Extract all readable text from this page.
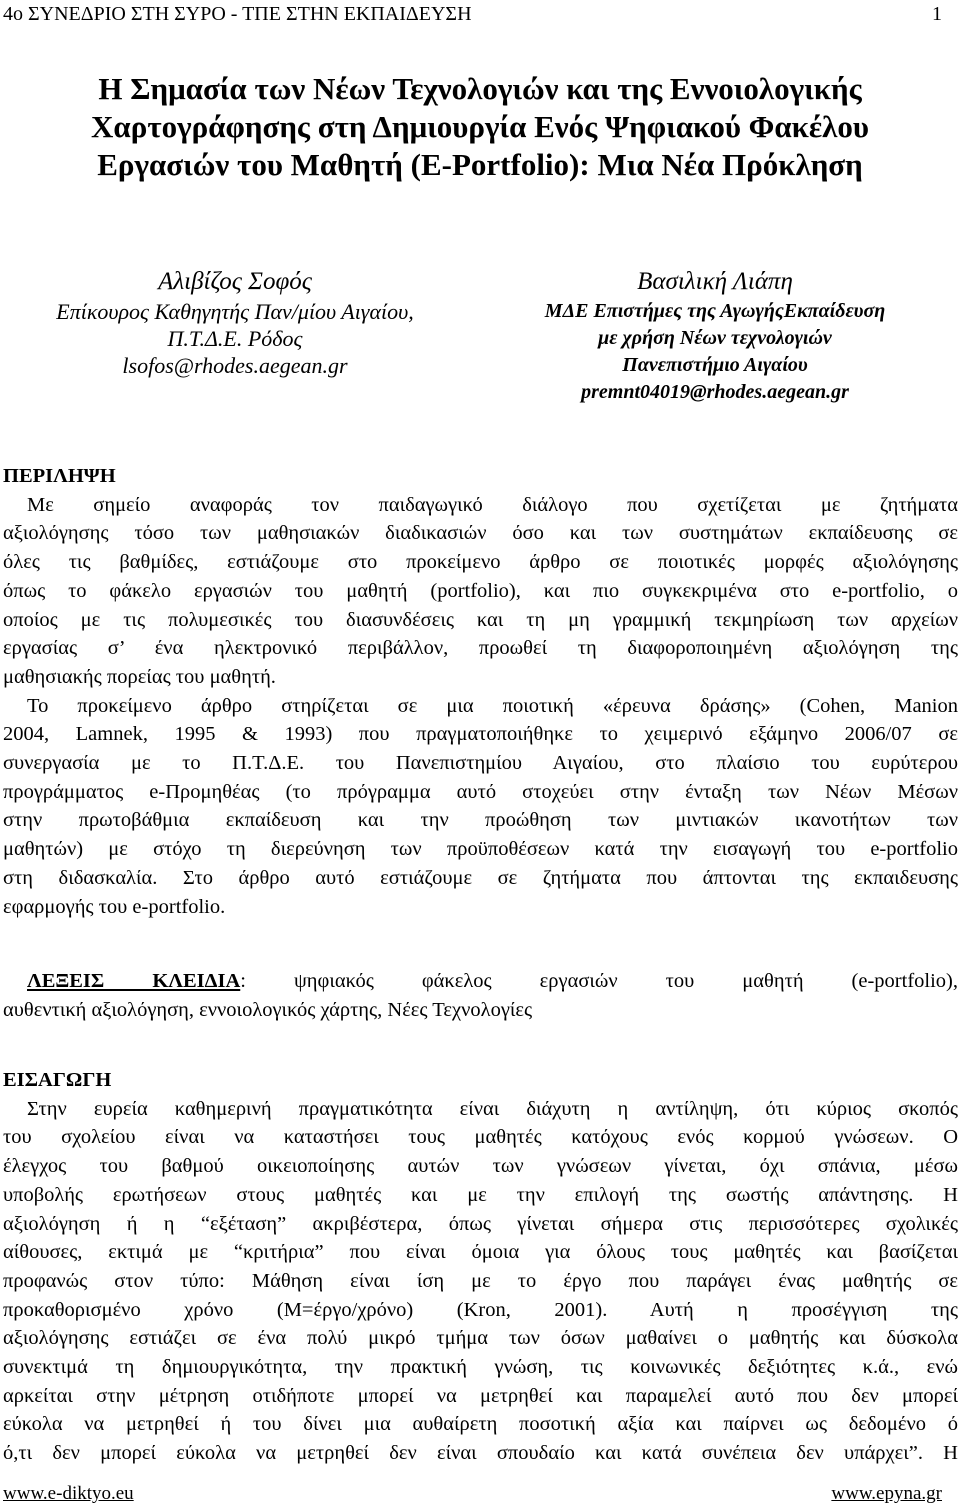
4ο ΣΥΝΕΔΡΙΟ ΣΤΗ ΣΥΡΟ - ΤΠΕ ΣΤΗΝ ΕΚΠΑΙΔΕΥΣΗ	1
Η Σημασία των Νέων Τεχνολογιών και της Εννοιολογικής
Χαρτογράφησης στη Δημιουργία Ενός Ψηφιακού Φακέλου
Εργασιών του Μαθητή (E-Portfolio): Μια Νέα Πρόκληση
Αλιβίζος Σοφός
Επίκουρος Καθηγητής Παν/μίου Αιγαίου,
Π.Τ.Δ.Ε. Ρόδος
lsofos@rhodes.aegean.gr
Βασιλική Λιάπη
ΜΔΕ Επιστήμες της ΑγωγήςΕκπαίδευση
με χρήση Νέων τεχνολογιών
Πανεπιστήμιο Αιγαίου
premnt04019@rhodes.aegean.gr

ΠΕΡΙΛΗΨΗ

Με σημείο αναφοράς τον παιδαγωγικό διάλογο που σχετίζεται με ζητήματα

αξιολόγησης τόσο των μαθησιακών διαδικασιών όσο και των συστημάτων εκπαίδευσης σε

όλες τις βαθμίδες, εστιάζουμε στο προκείμενο άρθρο σε ποιοτικές μορφές αξιολόγησης

όπως το φάκελο εργασιών του μαθητή (portfolio), και πιο συγκεκριμένα στο e-portfolio, ο

οποίος με τις πολυμεσικές του διασυνδέσεις και τη μη γραμμική τεκμηρίωση των αρχείων

εργασίας σ’ ένα ηλεκτρονικό περιβάλλον, προωθεί τη διαφοροποιημένη αξιολόγηση της

μαθησιακής πορείας του μαθητή.

Το προκείμενο άρθρο στηρίζεται σε μια ποιοτική «έρευνα δράσης» (Cohen, Manion

2004, Lamnek, 1995 & 1993) που πραγματοποιήθηκε το χειμερινό εξάμηνο 2006/07 σε

συνεργασία με το Π.Τ.Δ.Ε. του Πανεπιστημίου Αιγαίου, στο πλαίσιο του ευρύτερου

προγράμματος e-Προμηθέας (το πρόγραμμα αυτό στοχεύει στην ένταξη των Νέων Μέσων

στην πρωτοβάθμια εκπαίδευση και την προώθηση των μιντιακών ικανοτήτων των

μαθητών) με στόχο τη διερεύνηση των προϋποθέσεων κατά την εισαγωγή του e-portfolio

στη διδασκαλία. Στο άρθρο αυτό εστιάζουμε σε ζητήματα που άπτονται της εκπαιδευσης

εφαρμογής του e-portfolio.

ΛΕΞΕΙΣ ΚΛΕΙΔΙΑ: ψηφιακός φάκελος εργασιών του μαθητή (e-portfolio),

αυθεντική αξιολόγηση, εννοιολογικός χάρτης, Νέες Τεχνολογίες

ΕΙΣΑΓΩΓΗ

Στην ευρεία καθημερινή πραγματικότητα είναι διάχυτη η αντίληψη, ότι κύριος σκοπός

του σχολείου είναι να καταστήσει τους μαθητές κατόχους ενός κορμού γνώσεων. Ο

έλεγχος του βαθμού οικειοποίησης αυτών των γνώσεων γίνεται, όχι σπάνια, μέσω

υποβολής ερωτήσεων στους μαθητές και με την επιλογή της σωστής απάντησης. Η

αξιολόγηση ή η “εξέταση” ακριβέστερα, όπως γίνεται σήμερα στις περισσότερες σχολικές

αίθουσες, εκτιμά με “κριτήρια” που είναι όμοια για όλους τους μαθητές και βασίζεται

προφανώς στον τύπο: Μάθηση είναι ίση με το έργο που παράγει ένας μαθητής σε

προκαθορισμένο χρόνο (Μ=έργο/χρόνο) (Kron, 2001). Αυτή η προσέγγιση της

αξιολόγησης εστιάζει σε ένα πολύ μικρό τμήμα των όσων μαθαίνει ο μαθητής και δύσκολα

συνεκτιμά τη δημιουργικότητα, την πρακτική γνώση, τις κοινωνικές δεξιότητες κ.ά., ενώ

αρκείται στην μέτρηση οτιδήποτε μπορεί να μετρηθεί και παραμελεί αυτό που δεν μπορεί

εύκολα να μετρηθεί ή του δίνει μια αυθαίρετη ποσοτική αξία και παίρνει ως δεδομένο ό

ό,τι δεν μπορεί εύκολα να μετρηθεί δεν είναι σπουδαίο και κατά συνέπεια δεν υπάρχει”. Η

www.e-diktyo.eu	www.epyna.gr
